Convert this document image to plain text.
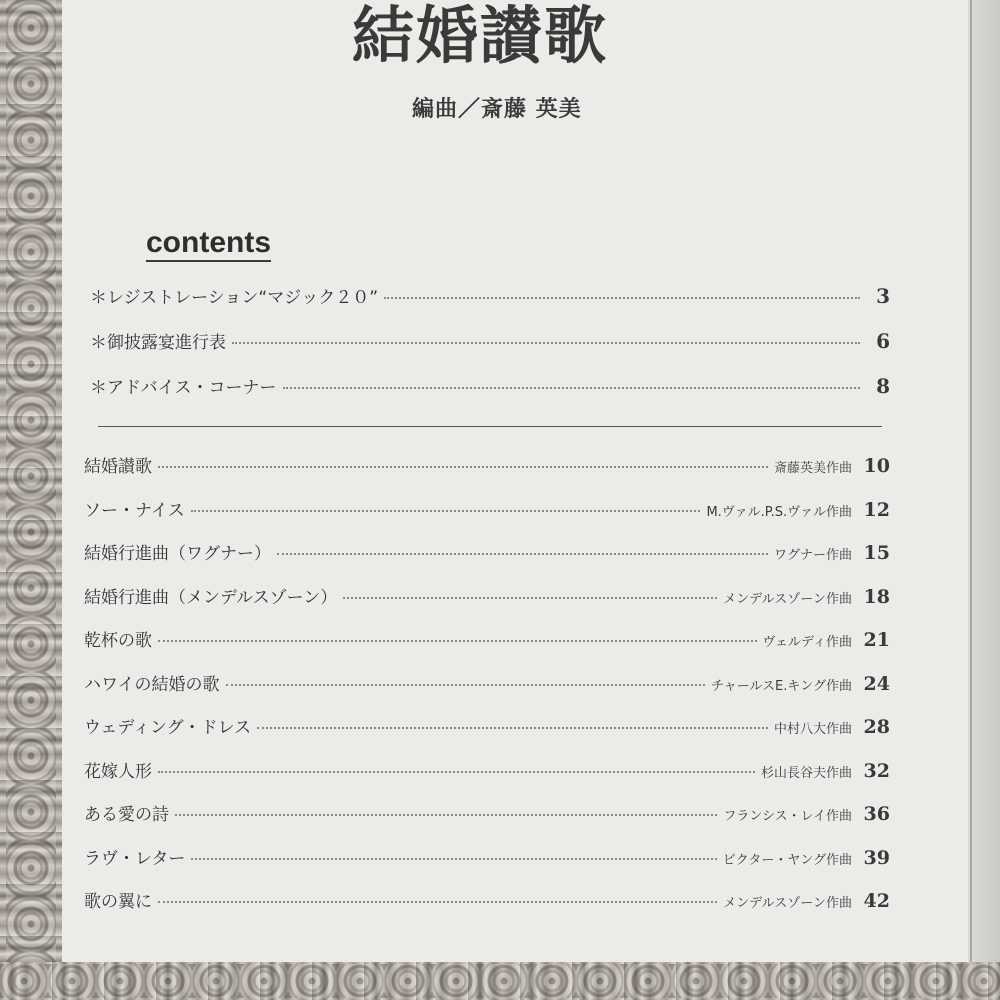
結婚讃歌
編曲／斎藤 英美
contents
＊レジストレーション“マジック２０”	3
＊御披露宴進行表	6
＊アドバイス・コーナー	8
結婚讃歌	斎藤英美作曲 10
ソー・ナイス	M.ヴァル.P.S.ヴァル作曲 12
結婚行進曲（ワグナー）	ワグナー作曲 15
結婚行進曲（メンデルスゾーン）	メンデルスゾーン作曲 18
乾杯の歌	ヴェルディ作曲 21
ハワイの結婚の歌	チャールスE.キング作曲 24
ウェディング・ドレス	中村八大作曲 28
花嫁人形	杉山長谷夫作曲 32
ある愛の詩	フランシス・レイ作曲 36
ラヴ・レター	ビクター・ヤング作曲 39
歌の翼に	メンデルスゾーン作曲 42
